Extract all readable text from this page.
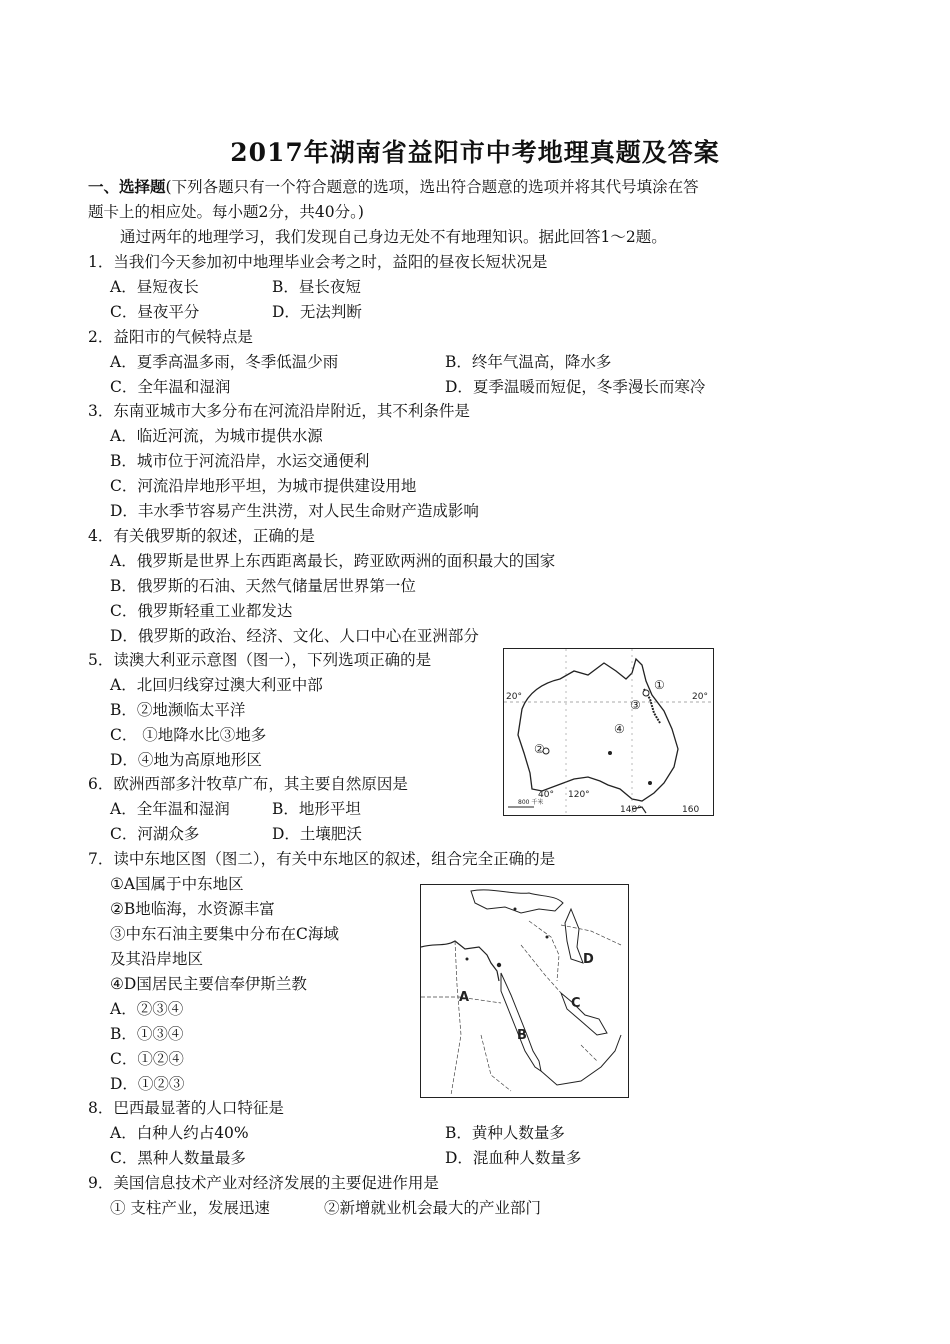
2017年湖南省益阳市中考地理真题及答案
一、选择题(下列各题只有一个符合题意的选项，选出符合题意的选项并将其代号填涂在答
题卡上的相应处。每小题2分，共40分。)
通过两年的地理学习，我们发现自己身边无处不有地理知识。据此回答1～2题。
1．当我们今天参加初中地理毕业会考之时，益阳的昼夜长短状况是
A．昼短夜长	B．昼长夜短
C．昼夜平分	D．无法判断
2．益阳市的气候特点是
A．夏季高温多雨，冬季低温少雨	B．终年气温高，降水多
C．全年温和湿润	D．夏季温暖而短促，冬季漫长而寒冷
3．东南亚城市大多分布在河流沿岸附近，其不利条件是
A．临近河流，为城市提供水源
B．城市位于河流沿岸，水运交通便利
C．河流沿岸地形平坦，为城市提供建设用地
D．丰水季节容易产生洪涝，对人民生命财产造成影响
4．有关俄罗斯的叙述，正确的是
A．俄罗斯是世界上东西距离最长，跨亚欧两洲的面积最大的国家
B．俄罗斯的石油、天然气储量居世界第一位
C．俄罗斯轻重工业都发达
D．俄罗斯的政治、经济、文化、人口中心在亚洲部分
5．读澳大利亚示意图（图一），下列选项正确的是
A．北回归线穿过澳大利亚中部
B．②地濒临太平洋
C． ①地降水比③地多
D．④地为高原地形区
6．欧洲西部多汁牧草广布，其主要自然原因是
A．全年温和湿润	B．地形平坦
C．河湖众多	D．土壤肥沃
20°	20°
40° 120°
140°	160
800 千米
①
②
③
④
7．读中东地区图（图二），有关中东地区的叙述，组合完全正确的是
①A国属于中东地区
②B地临海，水资源丰富
③中东石油主要集中分布在C海域
及其沿岸地区
④D国居民主要信奉伊斯兰教
A．②③④
B．①③④
C．①②④
D．①②③
A
B
C
D
8．巴西最显著的人口特征是
A．白种人约占40%	B．黄种人数量多
C．黑种人数量最多	D．混血种人数量多
9．美国信息技术产业对经济发展的主要促进作用是
① 支柱产业，发展迅速	②新增就业机会最大的产业部门
